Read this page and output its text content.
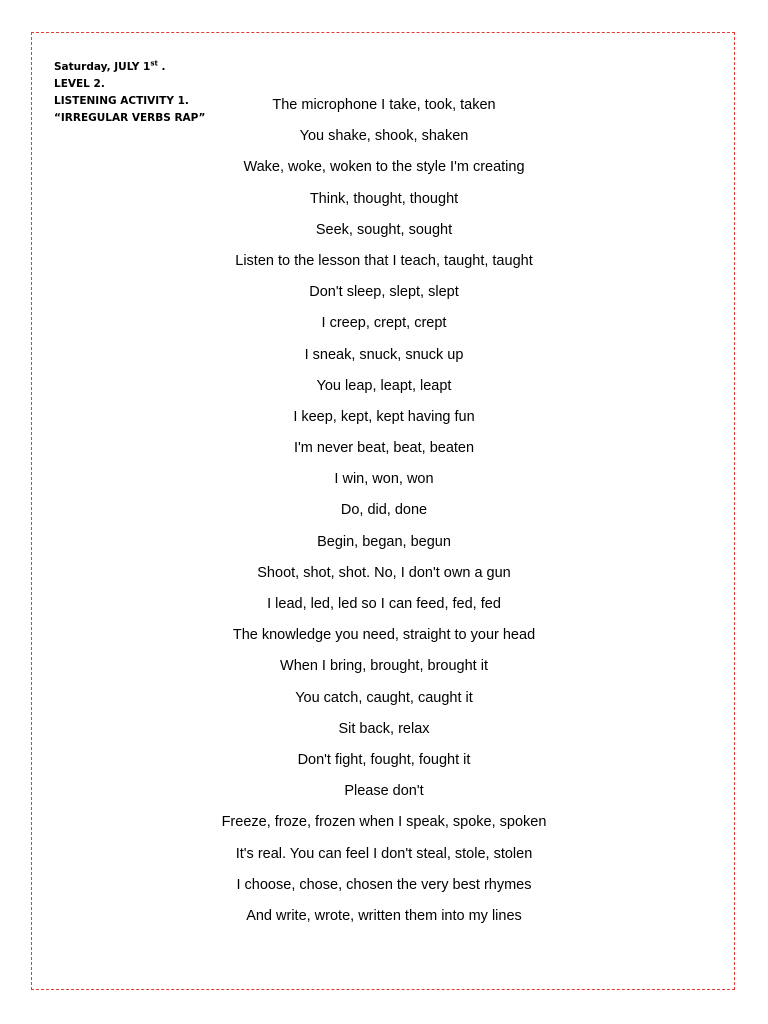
Saturday, JULY 1st .
LEVEL 2.
LISTENING ACTIVITY 1.
“IRREGULAR VERBS RAP”
The microphone I take, took, taken
You shake, shook, shaken
Wake, woke, woken to the style I'm creating
Think, thought, thought
Seek, sought, sought
Listen to the lesson that I teach, taught, taught
Don't sleep, slept, slept
I creep, crept, crept
I sneak, snuck, snuck up
You leap, leapt, leapt
I keep, kept, kept having fun
I'm never beat, beat, beaten
I win, won, won
Do, did, done
Begin, began, begun
Shoot, shot, shot. No, I don't own a gun
I lead, led, led so I can feed, fed, fed
The knowledge you need, straight to your head
When I bring, brought, brought it
You catch, caught, caught it
Sit back, relax
Don't fight, fought, fought it
Please don't
Freeze, froze, frozen when I speak, spoke, spoken
It's real. You can feel I don't steal, stole, stolen
I choose, chose, chosen the very best rhymes
And write, wrote, written them into my lines
